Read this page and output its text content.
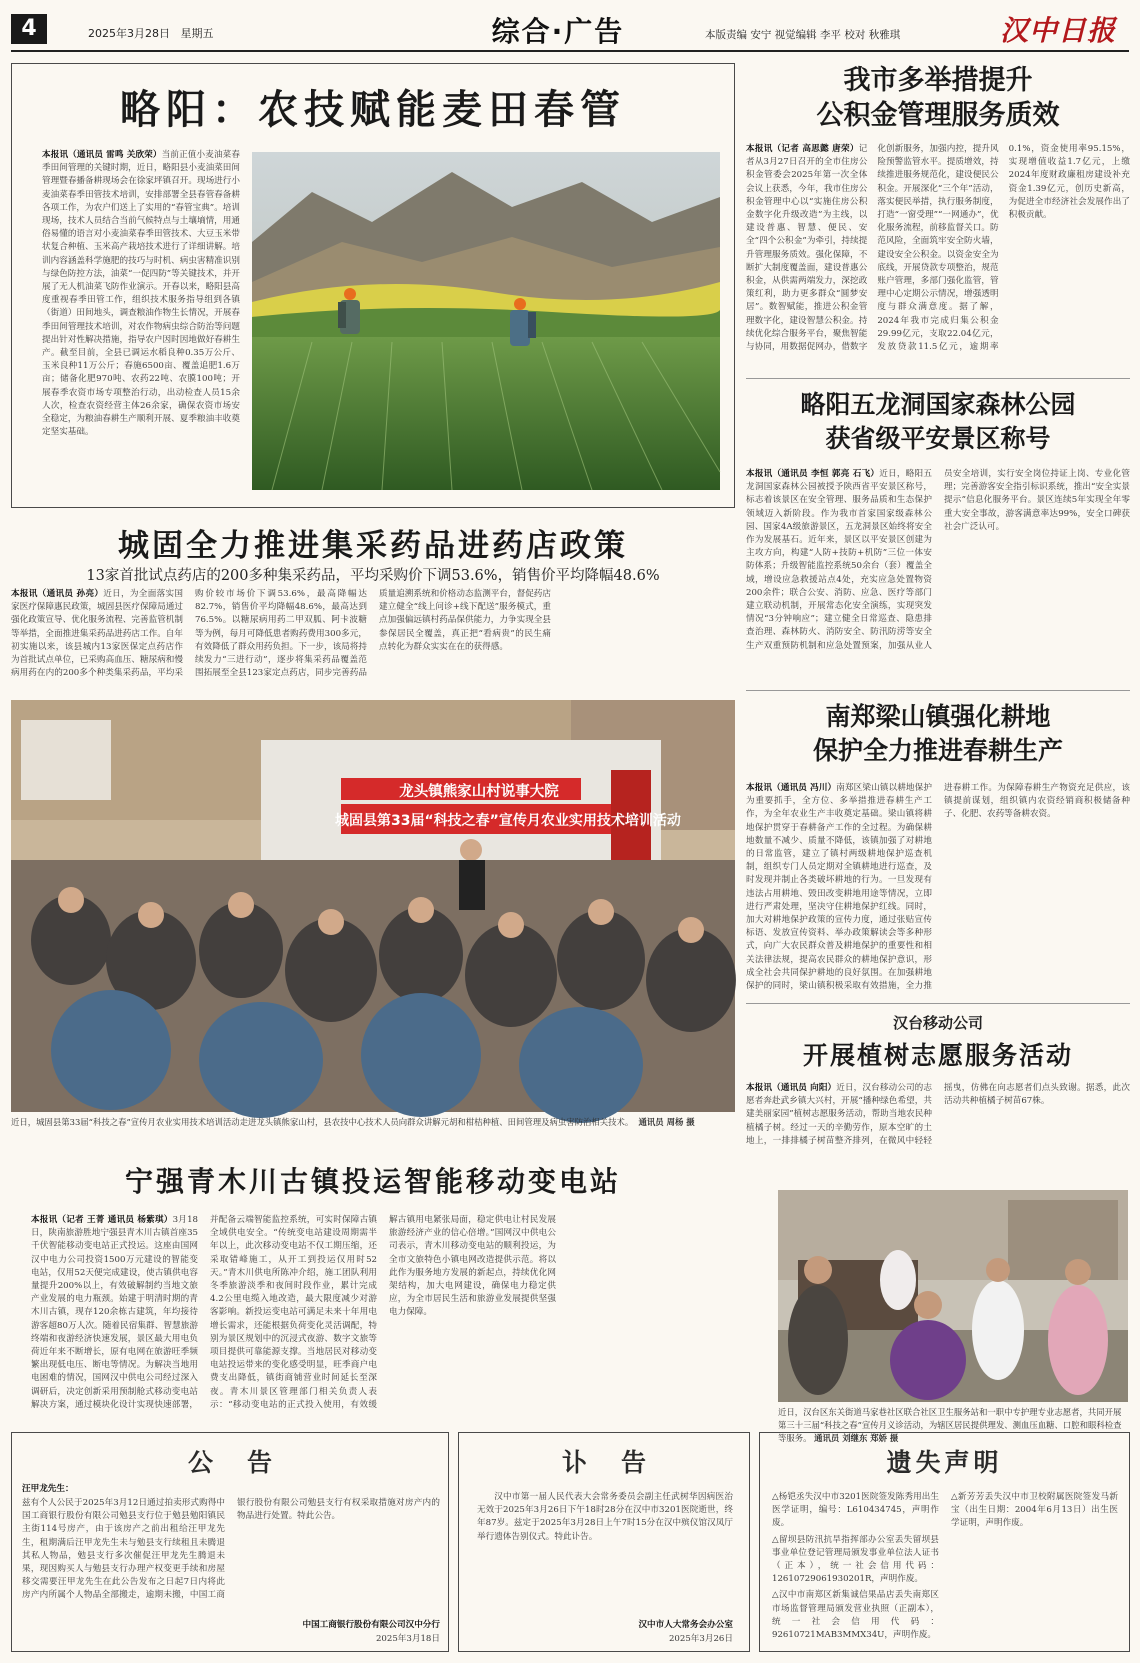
4	2025年3月28日 星期五	综合·广告	本版责编 安宁 视觉编辑 李平 校对 秋雅琪	汉中日报
略阳：农技赋能麦田春管
本报讯（通讯员 雷鸣 关欣荣）当前正值小麦油菜春季田间管理的关键时期，近日，略阳县小麦油菜田间管理暨春播备耕现场会在徐家坪镇召开。现场进行小麦油菜春季田管技术培训，安排部署全县春管春备耕各项工作，为农户们送上了实用的“春管宝典”。培训现场，技术人员结合当前气候特点与土壤墒情，用通俗易懂的语言对小麦油菜春季田管技术、大豆玉米带状复合种植、玉米高产栽培技术进行了详细讲解。培训内容涵盖科学施肥的技巧与时机、病虫害精准识别与绿色防控方法，油菜“一促四防”等关键技术，并开展了无人机油菜飞防作业演示。开春以来，略阳县高度重视春季田管工作，组织技术服务指导组到各镇（街道）田间地头，调查粮油作物生长情况，开展春季田间管理技术培训，对农作物病虫综合防治等问题提出针对性解决措施，指导农户因时因地做好春耕生产。截至目前，全县已调运水稻良种0.35万公斤、玉米良种11万公斤；春施6500亩、覆盖追肥1.6万亩；储备化肥970吨、农药22吨、农膜100吨；开展春季农资市场专项整治行动，出动检查人员15余人次，检查农资经营主体26余家，确保农资市场安全稳定，为粮油春耕生产顺利开展、夏季粮油丰收奠定坚实基础。
我市多举措提升
公积金管理服务质效
本报讯（记者 高思懿 唐荣）记者从3月27日召开的全市住房公积金管委会2025年第一次全体会议上获悉，今年，我市住房公积金管理中心以“实施住房公积金数字化升级改造”为主线，以建设普惠、智慧、便民、安全“四个公积金”为牵引，持续提升管理服务质效。强化保障，不断扩大制度覆盖面，建设普惠公积金，从供需两端发力，深挖政策红利，助力更多群众“圆梦安居”。数智赋能，推进公积金管理数字化，建设智慧公积金。持续优化综合服务平台，聚焦智能与协同，用数据促网办，借数字化创新服务，加强内控，提升风险预警监管水平。提质增效，持续推进服务规范化，建设便民公积金。开展深化“三个年”活动，落实便民举措，执行服务制度，打造“一窗受理”“一网通办”，优化服务流程，前移监督关口。防范风险，全面筑牢安全防火墙，建设安全公积金。以资金安全为底线，开展贷款专项整治，规范账户管理，多部门强化监管，管理中心定期公示情况，增强透明度与群众满意度。据了解，2024年我市完成归集公积金29.99亿元，支取22.04亿元，发放贷款11.5亿元，逾期率0.1%，资金使用率95.15%，实现增值收益1.7亿元，上缴2024年度财政廉租房建设补充资金1.39亿元，创历史新高，为促进全市经济社会发展作出了积极贡献。
略阳五龙洞国家森林公园
获省级平安景区称号
本报讯（通讯员 李恒 郭亮 石飞）近日，略阳五龙洞国家森林公园被授予陕西省平安景区称号，标志着该景区在安全管理、服务品质和生态保护领域迈入新阶段。作为我市首家国家级森林公园、国家4A级旅游景区，五龙洞景区始终将安全作为发展基石。近年来，景区以平安景区创建为主攻方向，构建“人防+技防+机防”三位一体安防体系；升级智能监控系统50余台（套）覆盖全域，增设应急救援站点4处，充实应急处置物资200余件；联合公安、消防、应急、医疗等部门建立联动机制，开展常态化安全演练，实现突发情况“3分钟响应”；建立健全日常巡查、隐患排查治理、森林防火、消防安全、防汛防涝等安全生产双重预防机制和应急处置预案，加强从业人员安全培训，实行安全岗位持证上岗、专业化管理；完善游客安全指引标识系统，推出“安全实景提示”信息化服务平台。景区连续5年实现全年零重大安全事故，游客满意率达99%，安全口碑获社会广泛认可。
城固全力推进集采药品进药店政策
13家首批试点药店的200多种集采药品，平均采购价下调53.6%，销售价平均降幅48.6%
本报讯（通讯员 孙亮）近日，为全面落实国家医疗保障惠民政策，城固县医疗保障局通过强化政策宣导、优化服务流程、完善监管机制等举措，全面推进集采药品进药店工作。自年初实施以来，该县城内13家医保定点药店作为首批试点单位，已采购高血压、糖尿病和慢病用药在内的200多个种类集采药品，平均采购价较市场价下调53.6%，最高降幅达82.7%，销售价平均降幅48.6%，最高达到76.5%。以糖尿病用药二甲双胍、阿卡波糖等为例，每月可降低患者购药费用300多元，有效降低了群众用药负担。下一步，该局将持续发力“三进行动”，逐步将集采药品覆盖范围拓展至全县123家定点药店，同步完善药品质量追溯系统和价格动态监测平台，督促药店建立健全“线上问诊+线下配送”服务模式，重点加强偏远镇村药品保供能力，力争实现全县参保居民全覆盖，真正把“看病贵”的民生痛点转化为群众实实在在的获得感。
龙头镇熊家山村说事大院
城固县第33届“科技之春”宣传月农业实用技术培训活动
近日，城固县第33届“科技之春”宣传月农业实用技术培训活动走进龙头镇熊家山村，县农技中心技术人员向群众讲解元胡和柑桔种植、田间管理及病虫害防治相关技术。 通讯员 周杨 摄
南郑梁山镇强化耕地
保护全力推进春耕生产
本报讯（通讯员 冯川）南郑区梁山镇以耕地保护为重要抓手，全方位、多举措推进春耕生产工作，为全年农业生产丰收奠定基础。梁山镇将耕地保护贯穿于春耕备产工作的全过程。为确保耕地数量不减少、质量不降低，该镇加强了对耕地的日常监管，建立了镇村两级耕地保护巡查机制，组织专门人员定期对全镇耕地进行巡查，及时发现并制止各类破坏耕地的行为。一旦发现有违法占用耕地、毁田改变耕地用途等情况，立即进行严肃处理，坚决守住耕地保护红线。同时，加大对耕地保护政策的宣传力度，通过张贴宣传标语、发放宣传资料、举办政策解读会等多种形式，向广大农民群众普及耕地保护的重要性和相关法律法规，提高农民群众的耕地保护意识，形成全社会共同保护耕地的良好氛围。在加强耕地保护的同时，梁山镇积极采取有效措施，全力推进春耕工作。为保障春耕生产物资充足供应，该镇提前谋划，组织镇内农资经销商积极储备种子、化肥、农药等备耕农资。
汉台移动公司
开展植树志愿服务活动
本报讯（通讯员 向阳）近日，汉台移动公司的志愿者奔赴武乡镇大兴村，开展“播种绿色希望，共建美丽家园”植树志愿服务活动，帮助当地农民种植橘子树。经过一天的辛勤劳作，原本空旷的土地上，一排排橘子树苗整齐排列，在微风中轻轻摇曳，仿佛在向志愿者们点头致谢。据悉，此次活动共种植橘子树苗67株。
近日，汉台区东关街道马家巷社区联合社区卫生服务站和一职中专护理专业志愿者，共同开展第三十三届“科技之春”宣传月义诊活动，为辖区居民提供理发、测血压血糖、口腔和眼科检查等服务。 通讯员 刘继东 郑娇 摄
宁强青木川古镇投运智能移动变电站
本报讯（记者 王菁 通讯员 杨紫琪）3月18日，陕南旅游胜地宁强县青木川古镇首座35千伏智能移动变电站正式投运。这座由国网汉中电力公司投资1500万元建设的智能变电站，仅用52天便完成建设，使古镇供电容量提升200%以上，有效破解制约当地文旅产业发展的电力瓶颈。始建于明清时期的青木川古镇，现存120余栋古建筑，年均接待游客超80万人次。随着民宿集群、智慧旅游终端和夜游经济快速发展，景区最大用电负荷近年来不断增长，原有电网在旅游旺季频繁出现低电压、断电等情况。为解决当地用电困难的情况，国网汉中供电公司经过深入调研后，决定创新采用预制舱式移动变电站解决方案，通过模块化设计实现快速部署，并配备云端智能监控系统，可实时保障古镇全域供电安全。“传统变电站建设周期需半年以上，此次移动变电站不仅工期压缩，还采取错峰施工，从开工到投运仅用时52天。”青木川供电所陈冲介绍，施工团队利用冬季旅游淡季和夜间时段作业，累计完成4.2公里电缆入地改造，最大限度减少对游客影响。新投运变电站可满足未来十年用电增长需求，还能根据负荷变化灵活调配，特别为景区规划中的沉浸式夜游、数字文旅等项目提供可靠能源支撑。当地居民对移动变电站投运带来的变化感受明显，旺季商户电费支出降低，镇街商铺营业时间延长至深夜。青木川景区管理部门相关负责人表示：“移动变电站的正式投入使用，有效缓解古镇用电紧张局面，稳定供电让村民发展旅游经济产业的信心倍增。”国网汉中供电公司表示，青木川移动变电站的顺利投运，为全市文旅特色小镇电网改造提供示范。将以此作为服务地方发展的新起点，持续优化网架结构，加大电网建设，确保电力稳定供应，为全市居民生活和旅游业发展提供坚强电力保障。
公告
汪甲龙先生：
兹有个人公民于2025年3月12日通过拍卖形式购得中国工商银行股份有限公司勉县支行位于勉县勉阳镇民主街114号房产，由于该房产之前出租给汪甲龙先生，租期满后汪甲龙先生未与勉县支行续租且未腾退其私人物品，勉县支行多次催促汪甲龙先生腾退未果，现因购买人与勉县支行办理产权变更手续和房屋移交需要汪甲龙先生在此公告发布之日起7日内将此房产内所属个人物品全部搬走，逾期未搬，中国工商银行股份有限公司勉县支行有权采取措施对房产内的物品进行处置。特此公告。
中国工商银行股份有限公司汉中分行
2025年3月18日
讣告
汉中市第一届人民代表大会常务委员会副主任武树华因病医治无效于2025年3月26日下午18时28分在汉中市3201医院逝世，终年87岁。兹定于2025年3月28日上午7时15分在汉中殡仪馆汉凤厅举行遗体告别仪式。特此讣告。
汉中市人大常务会办公室
2025年3月26日
遗失声明

△杨铠丞失汉中市3201医院签发陈秀用出生医学证明，编号：L610434745，声明作废。

△留坝县防汛抗旱指挥部办公室丢失留坝县事业单位登记管理局颁发事业单位法人证书（正本），统一社会信用代码：12610729061930201R，声明作废。

△汉中市南郑区新集诚信果品店丢失南郑区市场监督管理局颁发营业执照（正副本），统一社会信用代码：92610721MAB3MMX34U，声明作废。

△新芳芳丢失汉中市卫校附属医院签发马新宝（出生日期：2004年6月13日）出生医学证明，声明作废。
